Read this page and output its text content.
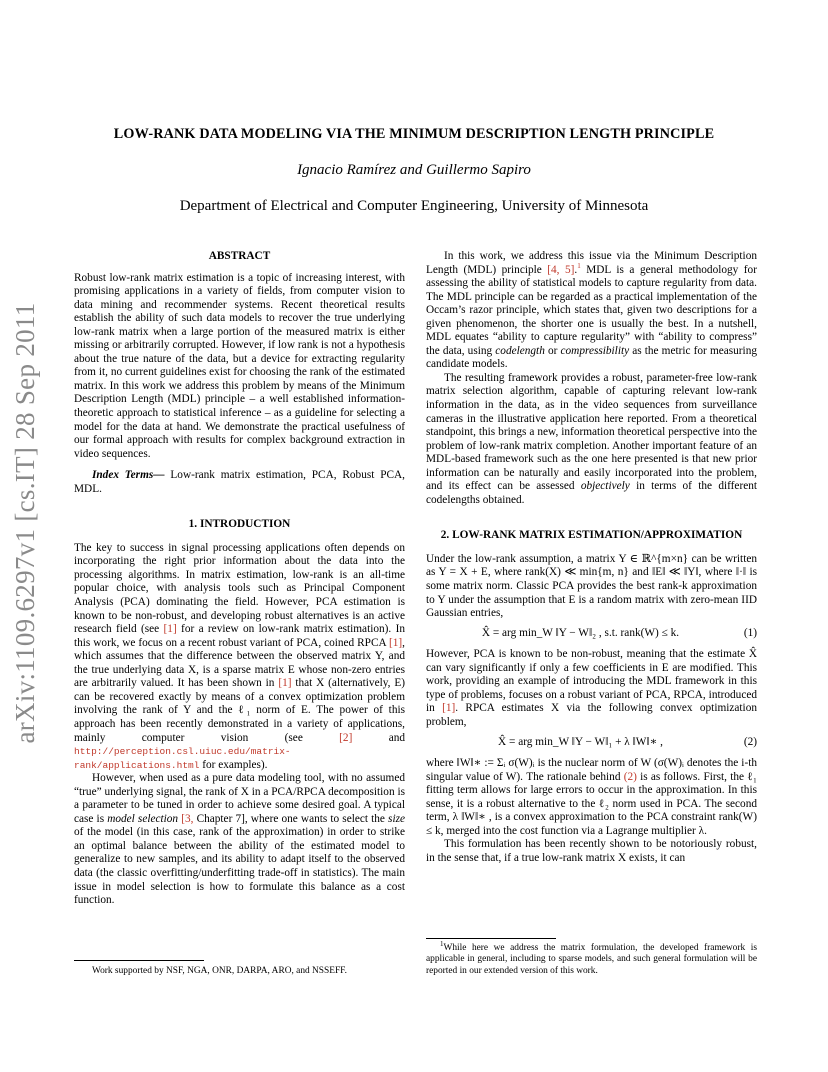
arXiv:1109.6297v1 [cs.IT] 28 Sep 2011
LOW-RANK DATA MODELING VIA THE MINIMUM DESCRIPTION LENGTH PRINCIPLE
Ignacio Ramírez and Guillermo Sapiro
Department of Electrical and Computer Engineering, University of Minnesota

ABSTRACT

Robust low-rank matrix estimation is a topic of increasing interest, with promising applications in a variety of fields, from computer vision to data mining and recommender systems. Recent theoretical results establish the ability of such data models to recover the true underlying low-rank matrix when a large portion of the measured matrix is either missing or arbitrarily corrupted. However, if low rank is not a hypothesis about the true nature of the data, but a device for extracting regularity from it, no current guidelines exist for choosing the rank of the estimated matrix. In this work we address this problem by means of the Minimum Description Length (MDL) principle – a well established information-theoretic approach to statistical inference – as a guideline for selecting a model for the data at hand. We demonstrate the practical usefulness of our formal approach with results for complex background extraction in video sequences.

Index Terms— Low-rank matrix estimation, PCA, Robust PCA, MDL.

1. INTRODUCTION

The key to success in signal processing applications often depends on incorporating the right prior information about the data into the processing algorithms. In matrix estimation, low-rank is an all-time popular choice, with analysis tools such as Principal Component Analysis (PCA) dominating the field. However, PCA estimation is known to be non-robust, and developing robust alternatives is an active research field (see [1] for a review on low-rank matrix estimation). In this work, we focus on a recent robust variant of PCA, coined RPCA [1], which assumes that the difference between the observed matrix Y, and the true underlying data X, is a sparse matrix E whose non-zero entries are arbitrarily valued. It has been shown in [1] that X (alternatively, E) can be recovered exactly by means of a convex optimization problem involving the rank of Y and the ℓ₁ norm of E. The power of this approach has been recently demonstrated in a variety of applications, mainly computer vision (see [2] and http://perception.csl.uiuc.edu/matrix-rank/applications.html for examples).

However, when used as a pure data modeling tool, with no assumed “true” underlying signal, the rank of X in a PCA/RPCA decomposition is a parameter to be tuned in order to achieve some desired goal. A typical case is model selection [3, Chapter 7], where one wants to select the size of the model (in this case, rank of the approximation) in order to strike an optimal balance between the ability of the estimated model to generalize to new samples, and its ability to adapt itself to the observed data (the classic overfitting/underfitting trade-off in statistics). The main issue in model selection is how to formulate this balance as a cost function.

Work supported by NSF, NGA, ONR, DARPA, ARO, and NSSEFF.

In this work, we address this issue via the Minimum Description Length (MDL) principle [4, 5].$^1$ MDL is a general methodology for assessing the ability of statistical models to capture regularity from data. The MDL principle can be regarded as a practical implementation of the Occam’s razor principle, which states that, given two descriptions for a given phenomenon, the shorter one is usually the best. In a nutshell, MDL equates “ability to capture regularity” with “ability to compress” the data, using codelength or compressibility as the metric for measuring candidate models.

The resulting framework provides a robust, parameter-free low-rank matrix selection algorithm, capable of capturing relevant low-rank information in the data, as in the video sequences from surveillance cameras in the illustrative application here reported. From a theoretical standpoint, this brings a new, information theoretical perspective into the problem of low-rank matrix completion. Another important feature of an MDL-based framework such as the one here presented is that new prior information can be naturally and easily incorporated into the problem, and its effect can be assessed objectively in terms of the different codelengths obtained.

2. LOW-RANK MATRIX ESTIMATION/APPROXIMATION

Under the low-rank assumption, a matrix Y ∈ ℝ^{m×n} can be written as Y = X + E, where rank(X) ≪ min{m, n} and ‖E‖ ≪ ‖Y‖, where ‖·‖ is some matrix norm. Classic PCA provides the best rank-k approximation to Y under the assumption that E is a random matrix with zero-mean IID Gaussian entries,

X̂ = arg min_W ‖Y − W‖₂ , s.t. rank(W) ≤ k.	(1)

However, PCA is known to be non-robust, meaning that the estimate X̂ can vary significantly if only a few coefficients in E are modified. This work, providing an example of introducing the MDL framework in this type of problems, focuses on a robust variant of PCA, RPCA, introduced in [1]. RPCA estimates X via the following convex optimization problem,

X̂ = arg min_W ‖Y − W‖₁ + λ ‖W‖∗ ,	(2)

where ‖W‖∗ := Σᵢ σ(W)ᵢ is the nuclear norm of W (σ(W)ᵢ denotes the i-th singular value of W). The rationale behind (2) is as follows. First, the ℓ₁ fitting term allows for large errors to occur in the approximation. In this sense, it is a robust alternative to the ℓ₂ norm used in PCA. The second term, λ ‖W‖∗ , is a convex approximation to the PCA constraint rank(W) ≤ k, merged into the cost function via a Lagrange multiplier λ.

This formulation has been recently shown to be notoriously robust, in the sense that, if a true low-rank matrix X exists, it can

$^1$While here we address the matrix formulation, the developed framework is applicable in general, including to sparse models, and such general formulation will be reported in our extended version of this work.
